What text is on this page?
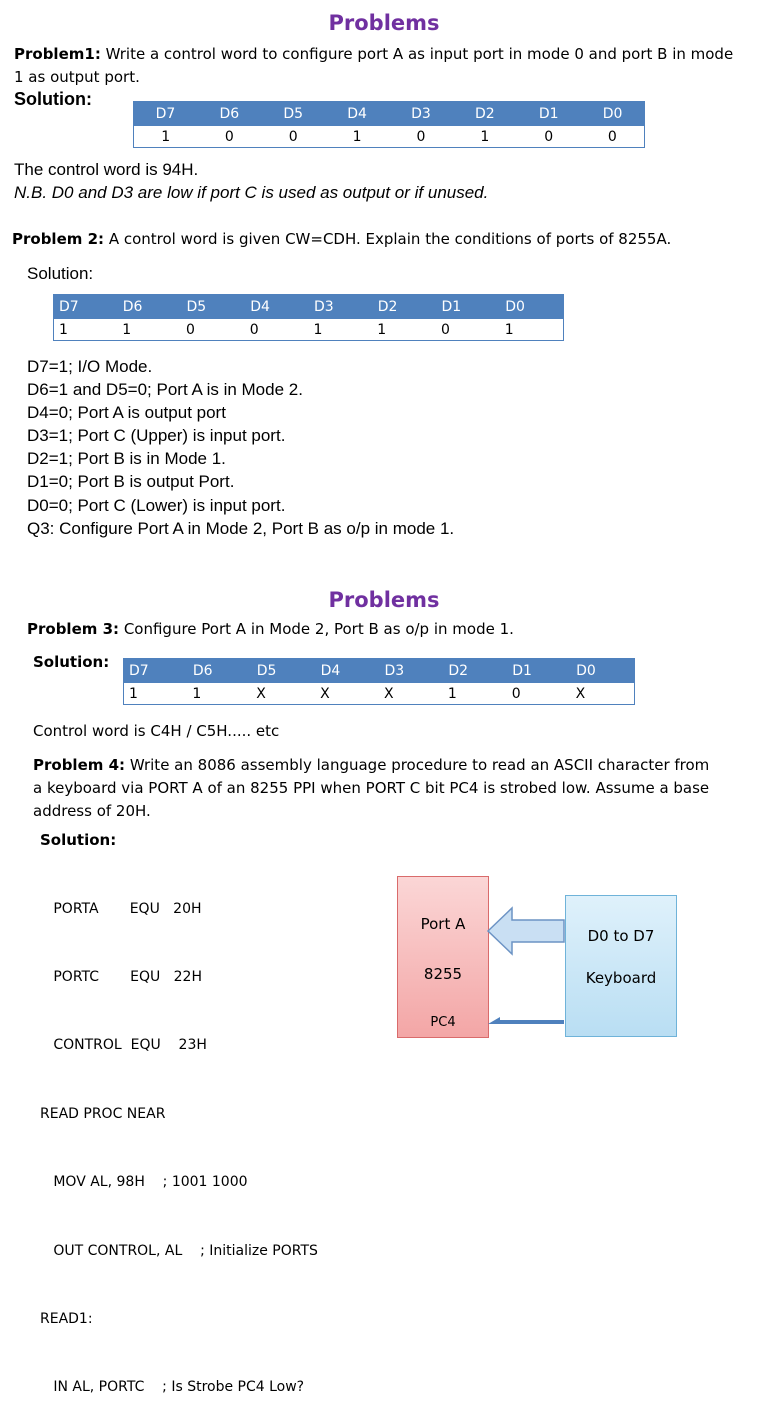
Problems
Problem1: Write a control word to configure port A as input port in mode 0 and port B in mode 1 as output port.
Solution:
D7	D6	D5	D4	D3	D2	D1	D0
1	0	0	1	0	1	0	0
The control word is 94H.
N.B. D0 and D3 are low if port C is used as output or if unused.
Problem 2: A control word is given CW=CDH. Explain the conditions of ports of 8255A.
Solution:
D7	D6	D5	D4	D3	D2	D1	D0
1	1	0	0	1	1	0	1
D7=1; I/O Mode.
D6=1 and D5=0; Port A is in Mode 2.
D4=0; Port A is output port
D3=1; Port C (Upper) is input port.
D2=1; Port B is in Mode 1.
D1=0; Port B is output Port.
D0=0; Port C (Lower) is input port.
Q3: Configure Port A in Mode 2, Port B as o/p in mode 1.
Problems
Problem 3: Configure Port A in Mode 2, Port B as o/p in mode 1.
Solution: D7	D6	D5	D4	D3	D2	D1	D0
1	1	X	X	X	1	0	X
Control word is C4H / C5H..... etc
Problem 4: Write an 8086 assembly language procedure to read an ASCII character from a keyboard via PORT A of an 8255 PPI when PORT C bit PC4 is strobed low. Assume a base address of 20H.
Solution:

PORTA       EQU   20H

PORTC       EQU   22H

CONTROL  EQU    23H

READ PROC NEAR

MOV AL, 98H    ; 1001 1000

OUT CONTROL, AL    ; Initialize PORTS

READ1:

IN AL, PORTC    ; Is Strobe PC4 Low?

Port A
8255
PC4
D0 to D7
Keyboard
